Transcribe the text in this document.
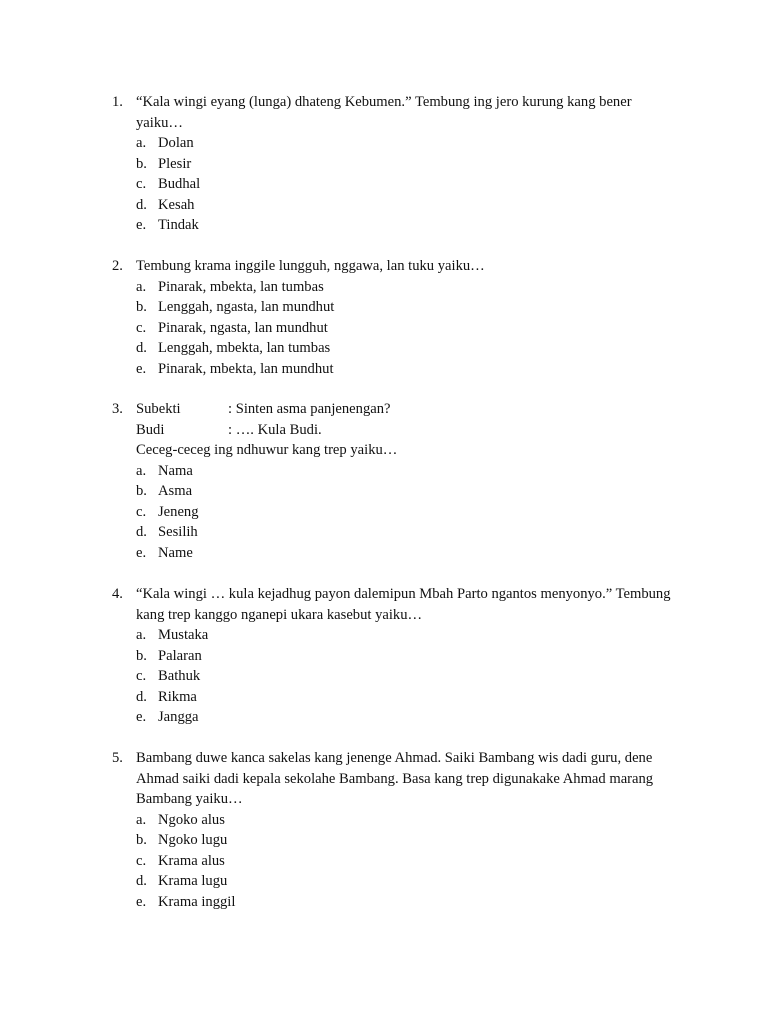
1. “Kala wingi eyang (lunga) dhateng Kebumen.” Tembung ing jero kurung kang bener yaiku…
a. Dolan
b. Plesir
c. Budhal
d. Kesah
e. Tindak
2. Tembung krama inggile lungguh, nggawa, lan tuku yaiku…
a. Pinarak, mbekta, lan tumbas
b. Lenggah, ngasta, lan mundhut
c. Pinarak, ngasta, lan mundhut
d. Lenggah, mbekta, lan tumbas
e. Pinarak, mbekta, lan mundhut
3. Subekti	: Sinten asma panjenengan?
Budi	: …. Kula Budi.
Ceceg-ceceg ing ndhuwur kang trep yaiku…
a. Nama
b. Asma
c. Jeneng
d. Sesilih
e. Name
4. “Kala wingi … kula kejadhug payon dalemipun Mbah Parto ngantos menyonyo.” Tembung kang trep kanggo nganepi ukara kasebut yaiku…
a. Mustaka
b. Palaran
c. Bathuk
d. Rikma
e. Jangga
5. Bambang duwe kanca sakelas kang jenenge Ahmad. Saiki Bambang wis dadi guru, dene Ahmad saiki dadi kepala sekolahe Bambang. Basa kang trep digunakake Ahmad marang Bambang yaiku…
a. Ngoko alus
b. Ngoko lugu
c. Krama alus
d. Krama lugu
e. Krama inggil
